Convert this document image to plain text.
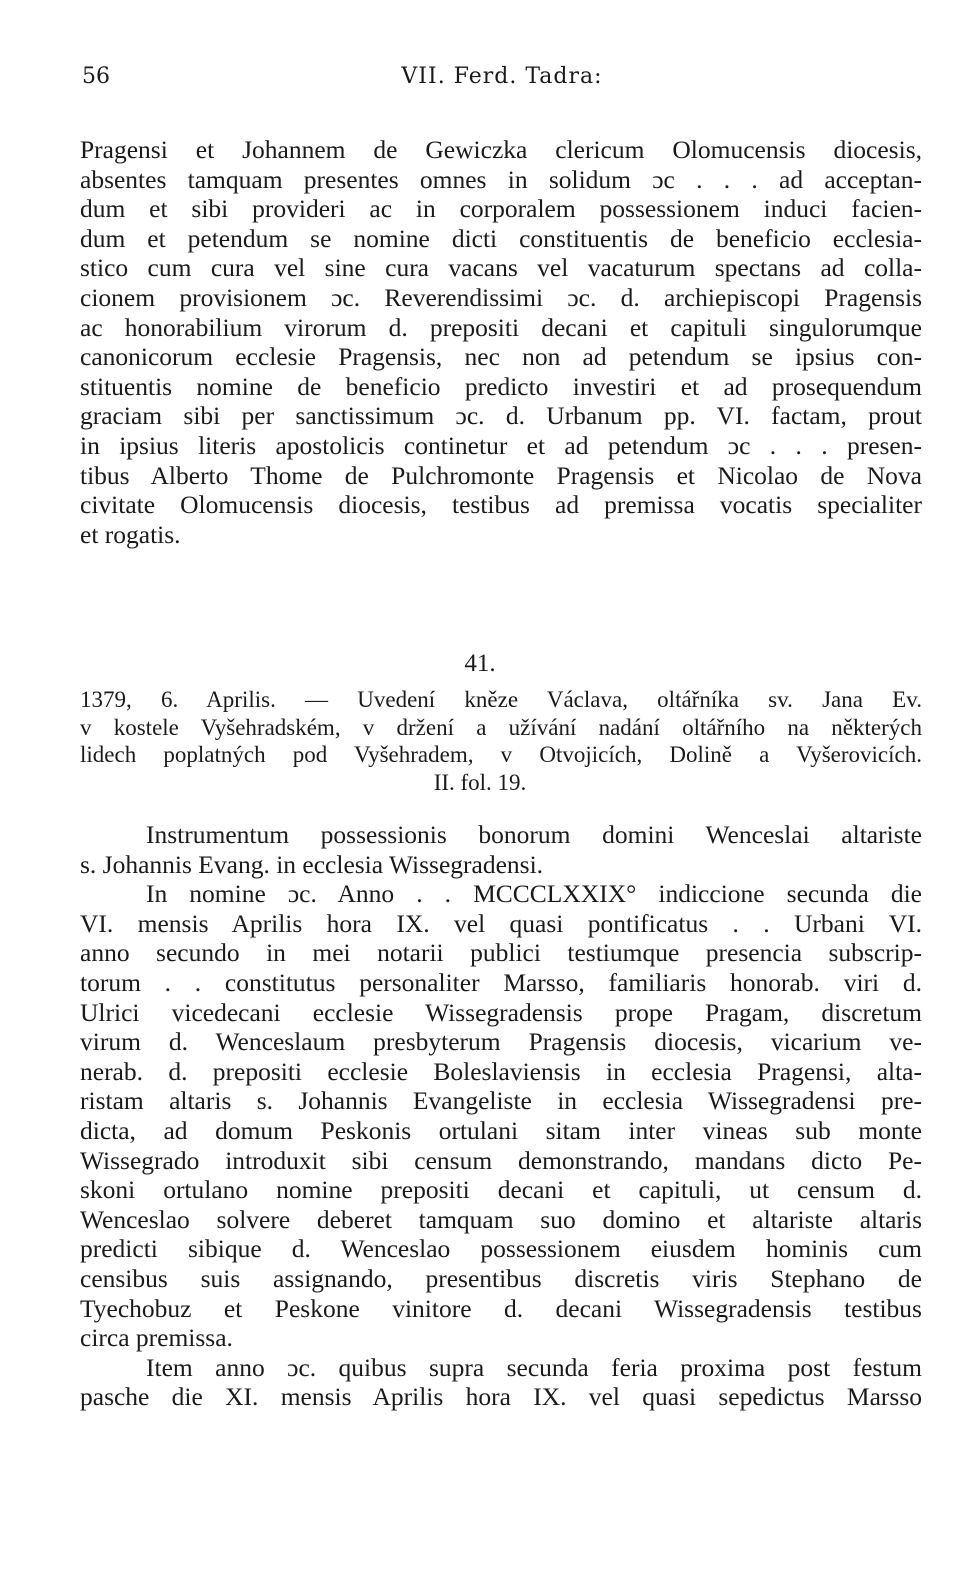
56	VII. Ferd. Tadra:
Pragensi et Johannem de Gewiczka clericum Olomucensis diocesis,
absentes tamquam presentes omnes in solidum ɔc . . . ad acceptan-
dum et sibi provideri ac in corporalem possessionem induci facien-
dum et petendum se nomine dicti constituentis de beneficio ecclesia-
stico cum cura vel sine cura vacans vel vacaturum spectans ad colla-
cionem provisionem ɔc. Reverendissimi ɔc. d. archiepiscopi Pragensis
ac honorabilium virorum d. prepositi decani et capituli singulorumque
canonicorum ecclesie Pragensis, nec non ad petendum se ipsius con-
stituentis nomine de beneficio predicto investiri et ad prosequendum
graciam sibi per sanctissimum ɔc. d. Urbanum pp. VI. factam, prout
in ipsius literis apostolicis continetur et ad petendum ɔc . . . presen-
tibus Alberto Thome de Pulchromonte Pragensis et Nicolao de Nova
civitate Olomucensis diocesis, testibus ad premissa vocatis specialiter
et rogatis.
41.
1379, 6. Aprilis. — Uvedení kněze Václava, oltářníka sv. Jana Ev.
v kostele Vyšehradském, v držení a užívání nadání oltářního na některých
lidech poplatných pod Vyšehradem, v Otvojicích, Dolině a Vyšerovicích.
II. fol. 19.
Instrumentum possessionis bonorum domini Wenceslai altariste
s. Johannis Evang. in ecclesia Wissegradensi.
In nomine ɔc. Anno . . MCCCLXXIX° indiccione secunda die
VI. mensis Aprilis hora IX. vel quasi pontificatus . . Urbani VI.
anno secundo in mei notarii publici testiumque presencia subscrip-
torum . . constitutus personaliter Marsso, familiaris honorab. viri d.
Ulrici vicedecani ecclesie Wissegradensis prope Pragam, discretum
virum d. Wenceslaum presbyterum Pragensis diocesis, vicarium ve-
nerab. d. prepositi ecclesie Boleslaviensis in ecclesia Pragensi, alta-
ristam altaris s. Johannis Evangeliste in ecclesia Wissegradensi pre-
dicta, ad domum Peskonis ortulani sitam inter vineas sub monte
Wissegrado introduxit sibi censum demonstrando, mandans dicto Pe-
skoni ortulano nomine prepositi decani et capituli, ut censum d.
Wenceslao solvere deberet tamquam suo domino et altariste altaris
predicti sibique d. Wenceslao possessionem eiusdem hominis cum
censibus suis assignando, presentibus discretis viris Stephano de
Tyechobuz et Peskone vinitore d. decani Wissegradensis testibus
circa premissa.
Item anno ɔc. quibus supra secunda feria proxima post festum
pasche die XI. mensis Aprilis hora IX. vel quasi sepedictus Marsso
